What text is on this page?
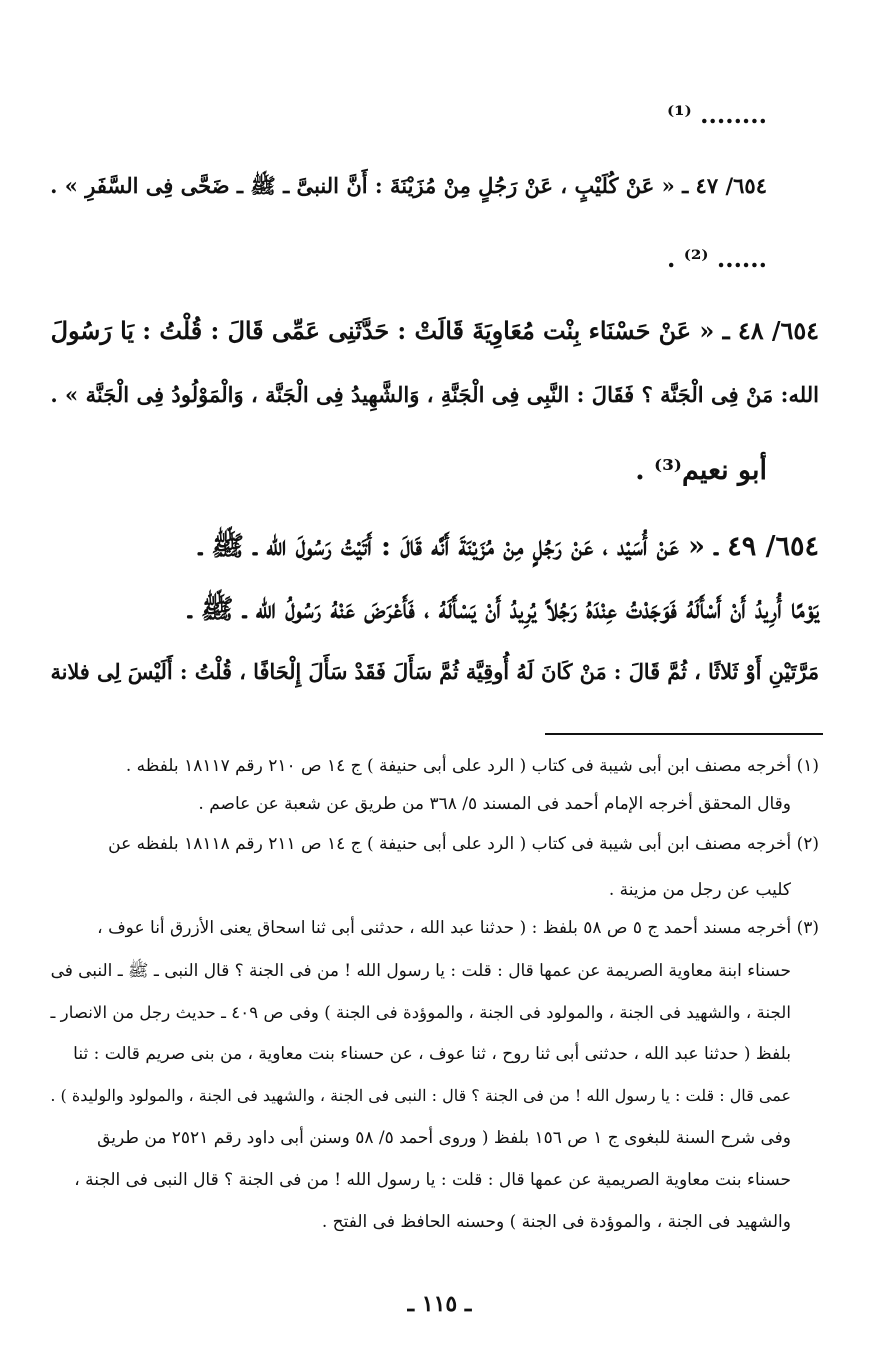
........ ⁽¹⁾
٦٥٤/ ٤٧ ـ « عَنْ كُلَيْبٍ ، عَنْ رَجُلٍ مِنْ مُزَيْنَةَ : أَنَّ النبىَّ ـ ﷺ ـ ضَحَّى فِى السَّفَرِ » .
...... ⁽²⁾ .
٦٥٤/ ٤٨ ـ « عَنْ حَسْنَاء بِنْت مُعَاوِيَةَ قَالَتْ : حَدَّثَنِى عَمِّى قَالَ : قُلْتُ : يَا رَسُولَ
الله: مَنْ فِى الْجَنَّة ؟ فَقَالَ : النَّبِى فِى الْجَنَّةِ ، وَالشَّهِيدُ فِى الْجَنَّة ، وَالْمَوْلُودُ فِى الْجَنَّة » .
أبو نعيم⁽³⁾ .
٦٥٤/ ٤٩ ـ « عَنْ أُسَيْد ، عَنْ رَجُلٍ مِنْ مُزَيْنَةَ أَنَّه قَالَ : أَتَيْتُ رَسُولَ الله ـ ﷺ ـ
يَوْمًا أُرِيدُ أَنْ أَسْأَلَهُ فَوَجَدْتُ عِنْدَهُ رَجُلاً يُرِيدُ أَنْ يَسْأَلَهُ ، فَأَعْرَضَ عَنْهُ رَسُولُ الله ـ ﷺ ـ
مَرَّتَيْنِ أَوْ ثَلاثًا ، ثُمَّ قَالَ : مَنْ كَانَ لَهُ أُوقِيَّة ثُمَّ سَأَلَ فَقَدْ سَأَلَ إِلْحَافًا ، قُلْتُ : أَلَيْسَ لِى فلانة
(١) أخرجه مصنف ابن أبى شيبة فى كتاب ( الرد على أبى حنيفة ) ج ١٤ ص ٢١٠ رقم ١٨١١٧ بلفظه .
وقال المحقق أخرجه الإمام أحمد فى المسند ٥/ ٣٦٨ من طريق عن شعبة عن عاصم .
(٢) أخرجه مصنف ابن أبى شيبة فى كتاب ( الرد على أبى حنيفة ) ج ١٤ ص ٢١١ رقم ١٨١١٨ بلفظه عن
كليب عن رجل من مزينة .
(٣) أخرجه مسند أحمد ج ٥ ص ٥٨ بلفظ : ( حدثنا عبد الله ، حدثنى أبى ثنا اسحاق يعنى الأزرق أنا عوف ،
حسناء ابنة معاوية الصريمة عن عمها قال : قلت : يا رسول الله ! من فى الجنة ؟ قال النبى ـ ﷺ ـ النبى فى
الجنة ، والشهيد فى الجنة ، والمولود فى الجنة ، والموؤدة فى الجنة ) وفى ص ٤٠٩ ـ حديث رجل من الانصار ـ
بلفظ ( حدثنا عبد الله ، حدثنى أبى ثنا روح ، ثنا عوف ، عن حسناء بنت معاوية ، من بنى صريم قالت : ثنا
عمى قال : قلت : يا رسول الله ! من فى الجنة ؟ قال : النبى فى الجنة ، والشهيد فى الجنة ، والمولود والوليدة ) .
وفى شرح السنة للبغوى ج ١ ص ١٥٦ بلفظ ( وروى أحمد ٥/ ٥٨ وسنن أبى داود رقم ٢٥٢١ من طريق
حسناء بنت معاوية الصريمية عن عمها قال : قلت : يا رسول الله ! من فى الجنة ؟ قال النبى فى الجنة ،
والشهيد فى الجنة ، والموؤدة فى الجنة ) وحسنه الحافظ فى الفتح .
ـ ١١٥ ـ
